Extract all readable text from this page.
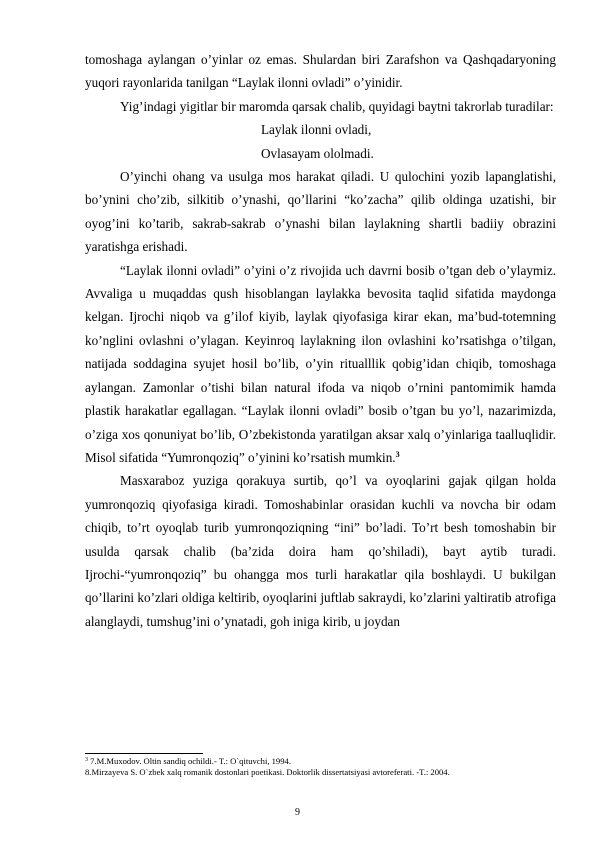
tomoshaga aylangan o’yinlar oz emas. Shulardan biri Zarafshon va Qashqadaryoning yuqori rayonlarida tanilgan “Laylak ilonni ovladi” o’yinidir.

Yig’indagi yigitlar bir maromda qarsak chalib, quyidagi baytni takrorlab turadilar:

Laylak ilonni ovladi,

Ovlasayam ololmadi.

O’yinchi ohang va usulga mos harakat qiladi. U qulochini yozib lapanglatishi, bo’ynini cho’zib, silkitib o’ynashi, qo’llarini “ko’zacha” qilib oldinga uzatishi, bir oyog’ini ko’tarib, sakrab-sakrab o’ynashi bilan laylakning shartli badiiy obrazini yaratishga erishadi.

“Laylak ilonni ovladi” o’yini o’z rivojida uch davrni bosib o’tgan deb o’ylaymiz. Avvaliga u muqaddas qush hisoblangan laylakka bevosita taqlid sifatida maydonga kelgan. Ijrochi niqob va g’ilof kiyib, laylak qiyofasiga kirar ekan, ma’bud-totemning ko’nglini ovlashni o’ylagan. Keyinroq laylakning ilon ovlashini ko’rsatishga o’tilgan, natijada soddagina syujet hosil bo’lib, o’yin ritualllik qobig’idan chiqib, tomoshaga aylangan. Zamonlar o’tishi bilan natural ifoda va niqob o’rnini pantomimik hamda plastik harakatlar egallagan. “Laylak ilonni ovladi” bosib o’tgan bu yo’l, nazarimizda, o’ziga xos qonuniyat bo’lib, O’zbekistonda yaratilgan aksar xalq o’yinlariga taalluqlidir. Misol sifatida “Yumronqoziq” o’yinini ko’rsatish mumkin.$^3$

Masxaraboz yuziga qorakuya surtib, qo’l va oyoqlarini gajak qilgan holda yumronqoziq qiyofasiga kiradi. Tomoshabinlar orasidan kuchli va novcha bir odam chiqib, to’rt oyoqlab turib yumronqoziqning “ini” bo’ladi. To’rt besh tomoshabin bir usulda qarsak chalib (ba’zida doira ham qo’shiladi), bayt aytib turadi. Ijrochi-“yumronqoziq” bu ohangga mos turli harakatlar qila boshlaydi. U bukilgan qo’llarini ko’zlari oldiga keltirib, oyoqlarini juftlab sakraydi, ko’zlarini yaltiratib atrofiga alanglaydi, tumshug’ini o’ynatadi, goh iniga kirib, u joydan

$^3$ 7.M.Muxodov. Oltin sandiq ochildi.- T.: O`qituvchi, 1994.

8.Mirzayeva S. O`zbek xalq romanik dostonlari poetikasi. Doktorlik dissertatsiyasi avtoreferati. -T.: 2004.

9
